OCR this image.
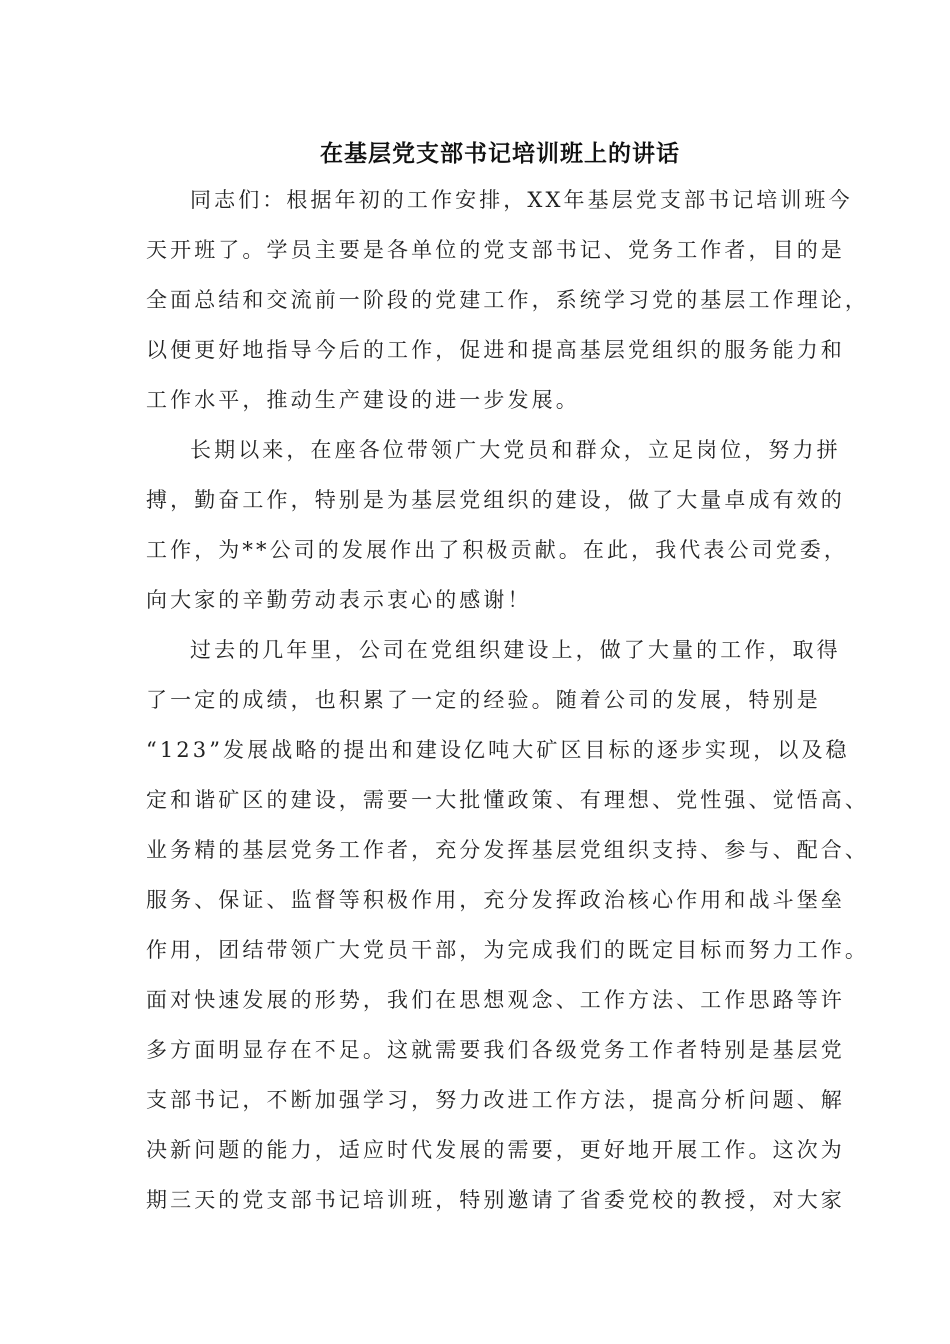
在基层党支部书记培训班上的讲话

同志们：根据年初的工作安排，XX年基层党支部书记培训班今

天开班了。学员主要是各单位的党支部书记、党务工作者，目的是

全面总结和交流前一阶段的党建工作，系统学习党的基层工作理论，

以便更好地指导今后的工作，促进和提高基层党组织的服务能力和

工作水平，推动生产建设的进一步发展。

长期以来，在座各位带领广大党员和群众，立足岗位，努力拼

搏，勤奋工作，特别是为基层党组织的建设，做了大量卓成有效的

工作，为**公司的发展作出了积极贡献。在此，我代表公司党委，

向大家的辛勤劳动表示衷心的感谢！

过去的几年里，公司在党组织建设上，做了大量的工作，取得

了一定的成绩，也积累了一定的经验。随着公司的发展，特别是

“123”发展战略的提出和建设亿吨大矿区目标的逐步实现，以及稳

定和谐矿区的建设，需要一大批懂政策、有理想、党性强、觉悟高、

业务精的基层党务工作者，充分发挥基层党组织支持、参与、配合、

服务、保证、监督等积极作用，充分发挥政治核心作用和战斗堡垒

作用，团结带领广大党员干部，为完成我们的既定目标而努力工作。

面对快速发展的形势，我们在思想观念、工作方法、工作思路等许

多方面明显存在不足。这就需要我们各级党务工作者特别是基层党

支部书记，不断加强学习，努力改进工作方法，提高分析问题、解

决新问题的能力，适应时代发展的需要，更好地开展工作。这次为

期三天的党支部书记培训班，特别邀请了省委党校的教授，对大家
